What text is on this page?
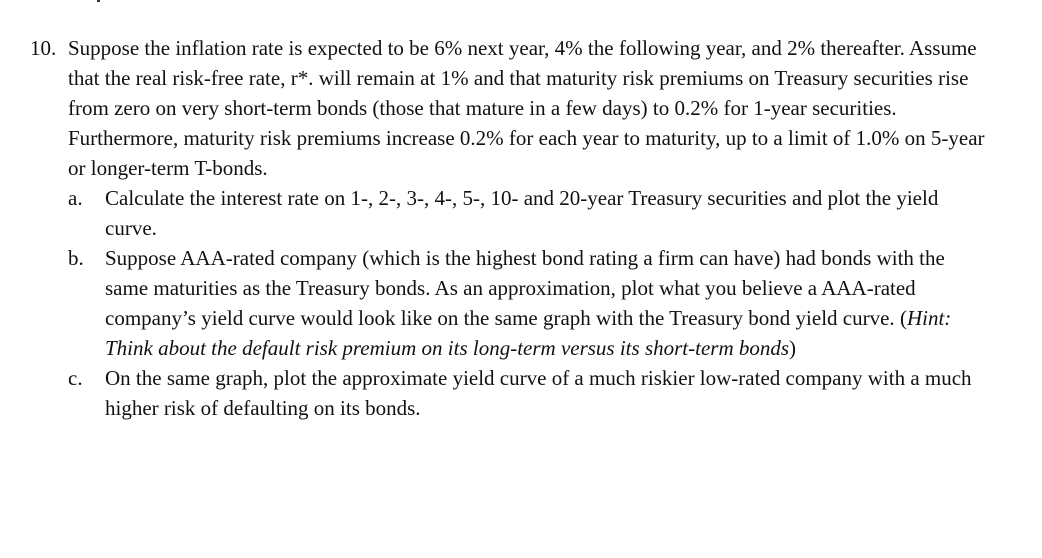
10. Suppose the inflation rate is expected to be 6% next year, 4% the following year, and 2% thereafter. Assume that the real risk-free rate, r*. will remain at 1% and that maturity risk premiums on Treasury securities rise from zero on very short-term bonds (those that mature in a few days) to 0.2% for 1-year securities. Furthermore, maturity risk premiums increase 0.2% for each year to maturity, up to a limit of 1.0% on 5-year or longer-term T-bonds.
a.	Calculate the interest rate on 1-, 2-, 3-, 4-, 5-, 10- and 20-year Treasury securities and plot the yield curve.
b.	Suppose AAA-rated company (which is the highest bond rating a firm can have) had bonds with the same maturities as the Treasury bonds. As an approximation, plot what you believe a AAA-rated company’s yield curve would look like on the same graph with the Treasury bond yield curve. (Hint: Think about the default risk premium on its long-term versus its short-term bonds)
c.	On the same graph, plot the approximate yield curve of a much riskier low-rated company with a much higher risk of defaulting on its bonds.
